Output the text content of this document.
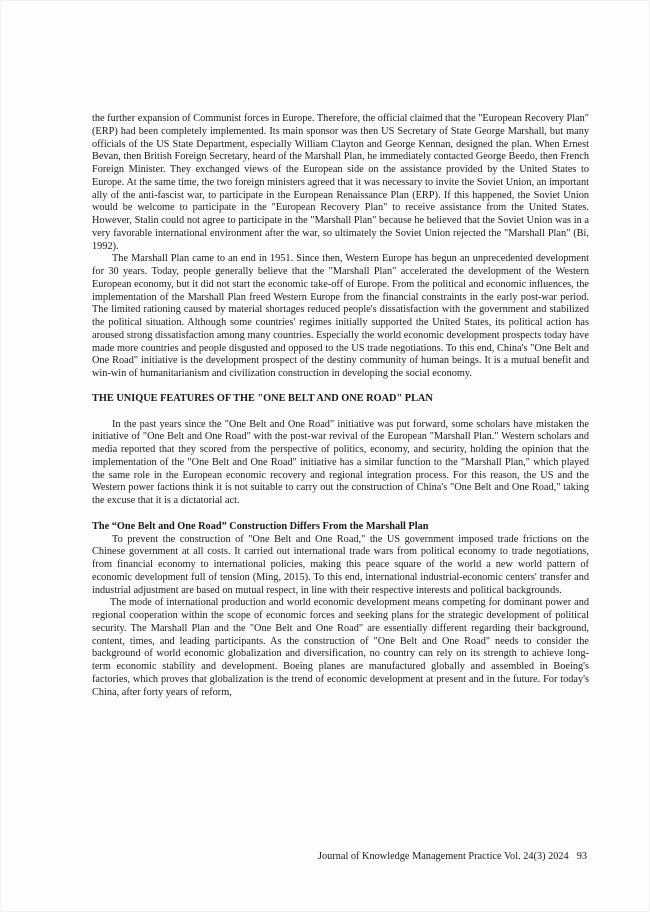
the further expansion of Communist forces in Europe. Therefore, the official claimed that the "European Recovery Plan" (ERP) had been completely implemented. Its main sponsor was then US Secretary of State George Marshall, but many officials of the US State Department, especially William Clayton and George Kennan, designed the plan. When Ernest Bevan, then British Foreign Secretary, heard of the Marshall Plan, he immediately contacted George Beedo, then French Foreign Minister. They exchanged views of the European side on the assistance provided by the United States to Europe. At the same time, the two foreign ministers agreed that it was necessary to invite the Soviet Union, an important ally of the anti-fascist war, to participate in the European Renaissance Plan (ERP). If this happened, the Soviet Union would be welcome to participate in the "European Recovery Plan" to receive assistance from the United States. However, Stalin could not agree to participate in the "Marshall Plan" because he believed that the Soviet Union was in a very favorable international environment after the war, so ultimately the Soviet Union rejected the "Marshall Plan" (Bi, 1992).

The Marshall Plan came to an end in 1951. Since then, Western Europe has begun an unprecedented development for 30 years. Today, people generally believe that the "Marshall Plan" accelerated the development of the Western European economy, but it did not start the economic take-off of Europe. From the political and economic influences, the implementation of the Marshall Plan freed Western Europe from the financial constraints in the early post-war period. The limited rationing caused by material shortages reduced people's dissatisfaction with the government and stabilized the political situation. Although some countries' regimes initially supported the United States, its political action has aroused strong dissatisfaction among many countries. Especially the world economic development prospects today have made more countries and people disgusted and opposed to the US trade negotiations. To this end, China's "One Belt and One Road" initiative is the development prospect of the destiny community of human beings. It is a mutual benefit and win-win of humanitarianism and civilization construction in developing the social economy.

THE UNIQUE FEATURES OF THE "ONE BELT AND ONE ROAD" PLAN

In the past years since the "One Belt and One Road" initiative was put forward, some scholars have mistaken the initiative of "One Belt and One Road" with the post-war revival of the European "Marshall Plan." Western scholars and media reported that they scored from the perspective of politics, economy, and security, holding the opinion that the implementation of the "One Belt and One Road" initiative has a similar function to the "Marshall Plan," which played the same role in the European economic recovery and regional integration process. For this reason, the US and the Western power factions think it is not suitable to carry out the construction of China's "One Belt and One Road," taking the excuse that it is a dictatorial act.

The “One Belt and One Road” Construction Differs From the Marshall Plan

To prevent the construction of "One Belt and One Road," the US government imposed trade frictions on the Chinese government at all costs. It carried out international trade wars from political economy to trade negotiations, from financial economy to international policies, making this peace square of the world a new world pattern of economic development full of tension (Ming, 2015). To this end, international industrial-economic centers' transfer and industrial adjustment are based on mutual respect, in line with their respective interests and political backgrounds.

The mode of international production and world economic development means competing for dominant power and regional cooperation within the scope of economic forces and seeking plans for the strategic development of political security. The Marshall Plan and the "One Belt and One Road" are essentially different regarding their background, content, times, and leading participants. As the construction of "One Belt and One Road" needs to consider the background of world economic globalization and diversification, no country can rely on its strength to achieve long-term economic stability and development. Boeing planes are manufactured globally and assembled in Boeing's factories, which proves that globalization is the trend of economic development at present and in the future. For today's China, after forty years of reform,

Journal of Knowledge Management Practice Vol. 24(3) 2024 93
